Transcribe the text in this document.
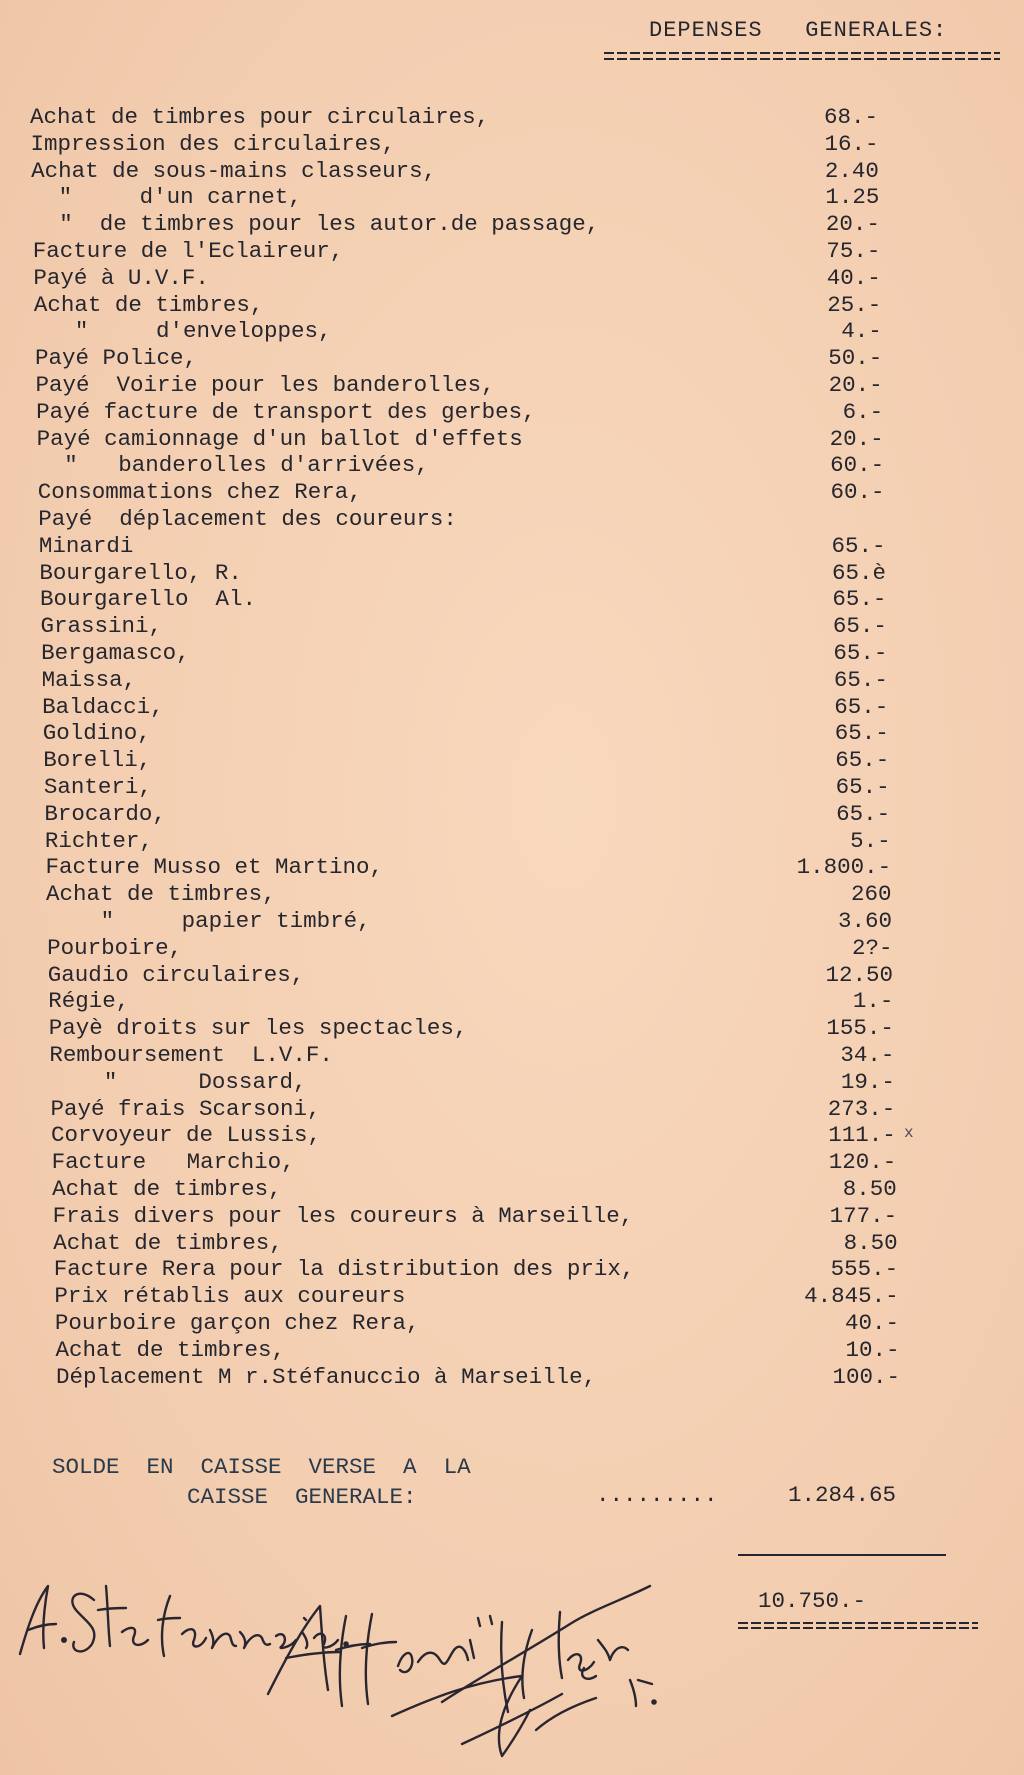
DEPENSES   GENERALES:
Achat de timbres pour circulaires,	68.-
Impression des circulaires,	16.-
Achat de sous-mains classeurs,	2.40
"     d'un carnet,	1.25
"  de timbres pour les autor.de passage,	20.-
Facture de l'Eclaireur,	75.-
Payé à U.V.F.	40.-
Achat de timbres,	25.-
"     d'enveloppes,	4.-
Payé Police,	50.-
Payé  Voirie pour les banderolles,	20.-
Payé facture de transport des gerbes,	6.-
Payé camionnage d'un ballot d'effets	20.-
"   banderolles d'arrivées,	60.-
Consommations chez Rera,	60.-
Payé  déplacement des coureurs:
Minardi	65.-
Bourgarello, R.	65.è
Bourgarello  Al.	65.-
Grassini,	65.-
Bergamasco,	65.-
Maissa,	65.-
Baldacci,	65.-
Goldino,	65.-
Borelli,	65.-
Santeri,	65.-
Brocardo,	65.-
Richter,	5.-
Facture Musso et Martino,	1.800.-
Achat de timbres,	260
"     papier timbré,	3.60
Pourboire,	2?-
Gaudio circulaires,	12.50
Régie,	1.-
Payè droits sur les spectacles,	155.-
Remboursement  L.V.F.	34.-
"      Dossard,	19.-
Payé frais Scarsoni,	273.-
Corvoyeur de Lussis,	111.-
Facture   Marchio,	120.-
Achat de timbres,	8.50
Frais divers pour les coureurs à Marseille,	177.-
Achat de timbres,	8.50
Facture Rera pour la distribution des prix,	555.-
Prix rétablis aux coureurs	4.845.-
Pourboire garçon chez Rera,	40.-
Achat de timbres,	10.-
Déplacement M r.Stéfanuccio à Marseille,	100.-
x
SOLDE  EN  CAISSE  VERSE  A  LA
CAISSE  GENERALE:	.........	1.284.65
10.750.-
